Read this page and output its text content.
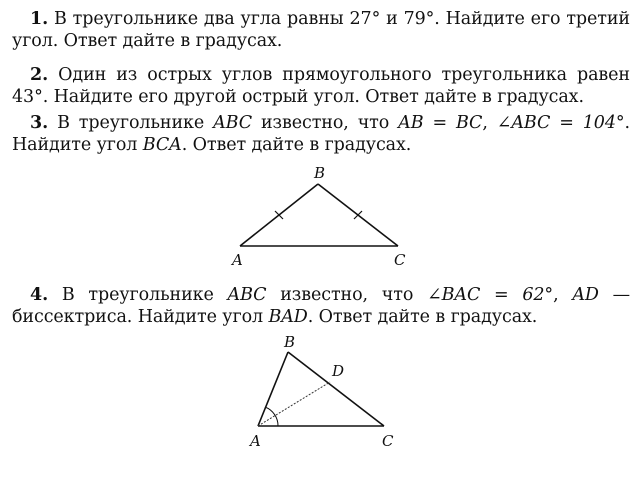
1. В треугольнике два угла равны 27° и 79°. Найдите его третий угол. Ответ дайте в градусах.

2. Один из острых углов прямоугольного треугольника равен 43°. Найдите его другой острый угол. Ответ дайте в градусах.

3. В треугольнике ABC известно, что AB = BC, ∠ABC = 104°. Найдите угол BCA. Ответ дайте в градусах.

B
A	C

4. В треугольнике ABC известно, что ∠BAC = 62°, AD — биссектриса. Найдите угол BAD. Ответ дайте в градусах.

B
D
A	C
